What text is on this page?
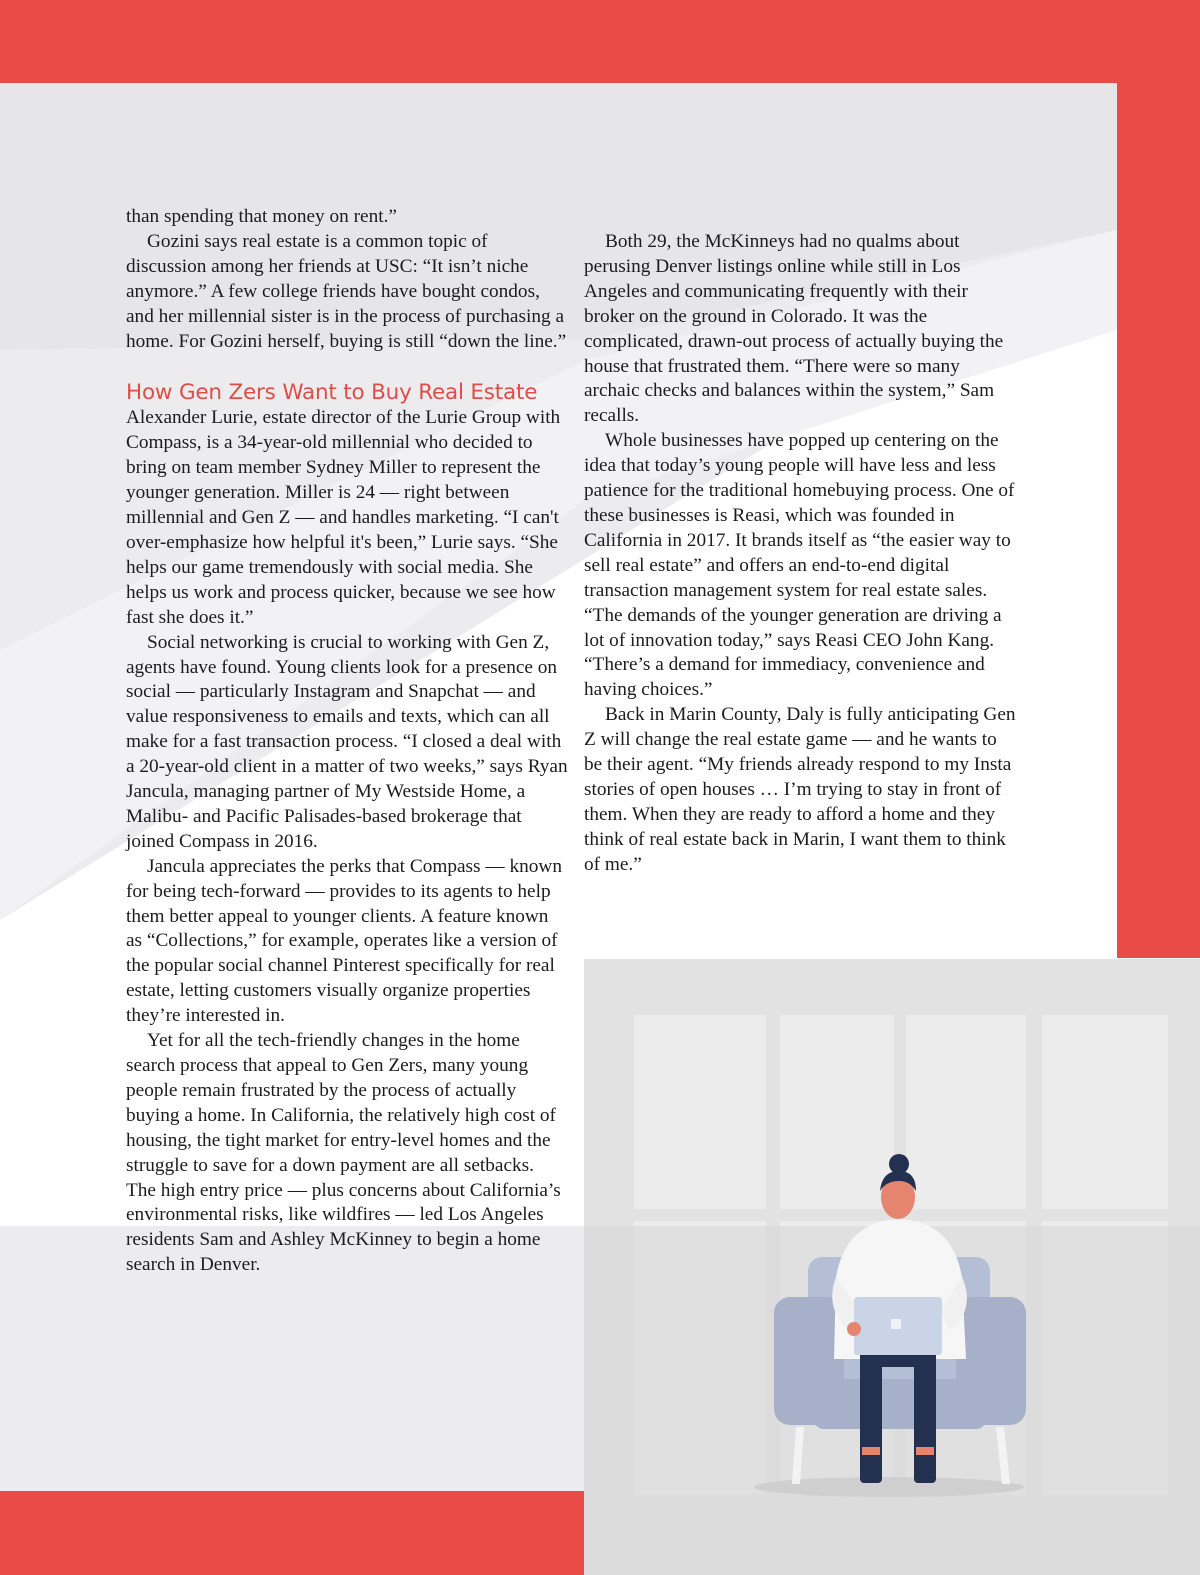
than spending that money on rent.”

Gozini says real estate is a common topic of discussion among her friends at USC: “It isn’t niche anymore.” A few college friends have bought condos, and her millennial sister is in the process of purchasing a home. For Gozini herself, buying is still “down the line.”

How Gen Zers Want to Buy Real Estate

Alexander Lurie, estate director of the Lurie Group with Compass, is a 34-year-old millennial who decided to bring on team member Sydney Miller to represent the younger generation. Miller is 24 — right between millennial and Gen Z — and handles marketing. “I can't over-emphasize how helpful it's been,” Lurie says. “She helps our game tremendously with social media. She helps us work and process quicker, because we see how fast she does it.”

Social networking is crucial to working with Gen Z, agents have found. Young clients look for a presence on social — particularly Instagram and Snapchat — and value responsiveness to emails and texts, which can all make for a fast transaction process. “I closed a deal with a 20-year-old client in a matter of two weeks,” says Ryan Jancula, managing partner of My Westside Home, a Malibu- and Pacific Palisades-based brokerage that joined Compass in 2016.

Jancula appreciates the perks that Compass — known for being tech-forward — provides to its agents to help them better appeal to younger clients. A feature known as “Collections,” for example, operates like a version of the popular social channel Pinterest specifically for real estate, letting customers visually organize properties they’re interested in.

Yet for all the tech-friendly changes in the home search process that appeal to Gen Zers, many young people remain frustrated by the process of actually buying a home. In California, the relatively high cost of housing, the tight market for entry-level homes and the struggle to save for a down payment are all setbacks. The high entry price — plus concerns about California’s environmental risks, like wildfires — led Los Angeles residents Sam and Ashley McKinney to begin a home search in Denver.

Both 29, the McKinneys had no qualms about perusing Denver listings online while still in Los Angeles and communicating frequently with their broker on the ground in Colorado. It was the complicated, drawn-out process of actually buying the house that frustrated them. “There were so many archaic checks and balances within the system,” Sam recalls.

Whole businesses have popped up centering on the idea that today’s young people will have less and less patience for the traditional homebuying process. One of these businesses is Reasi, which was founded in California in 2017. It brands itself as “the easier way to sell real estate” and offers an end-to-end digital transaction management system for real estate sales. “The demands of the younger generation are driving a lot of innovation today,” says Reasi CEO John Kang. “There’s a demand for immediacy, convenience and having choices.”

Back in Marin County, Daly is fully anticipating Gen Z will change the real estate game — and he wants to be their agent. “My friends already respond to my Insta stories of open houses … I’m trying to stay in front of them. When they are ready to afford a home and they think of real estate back in Marin, I want them to think of me.”
